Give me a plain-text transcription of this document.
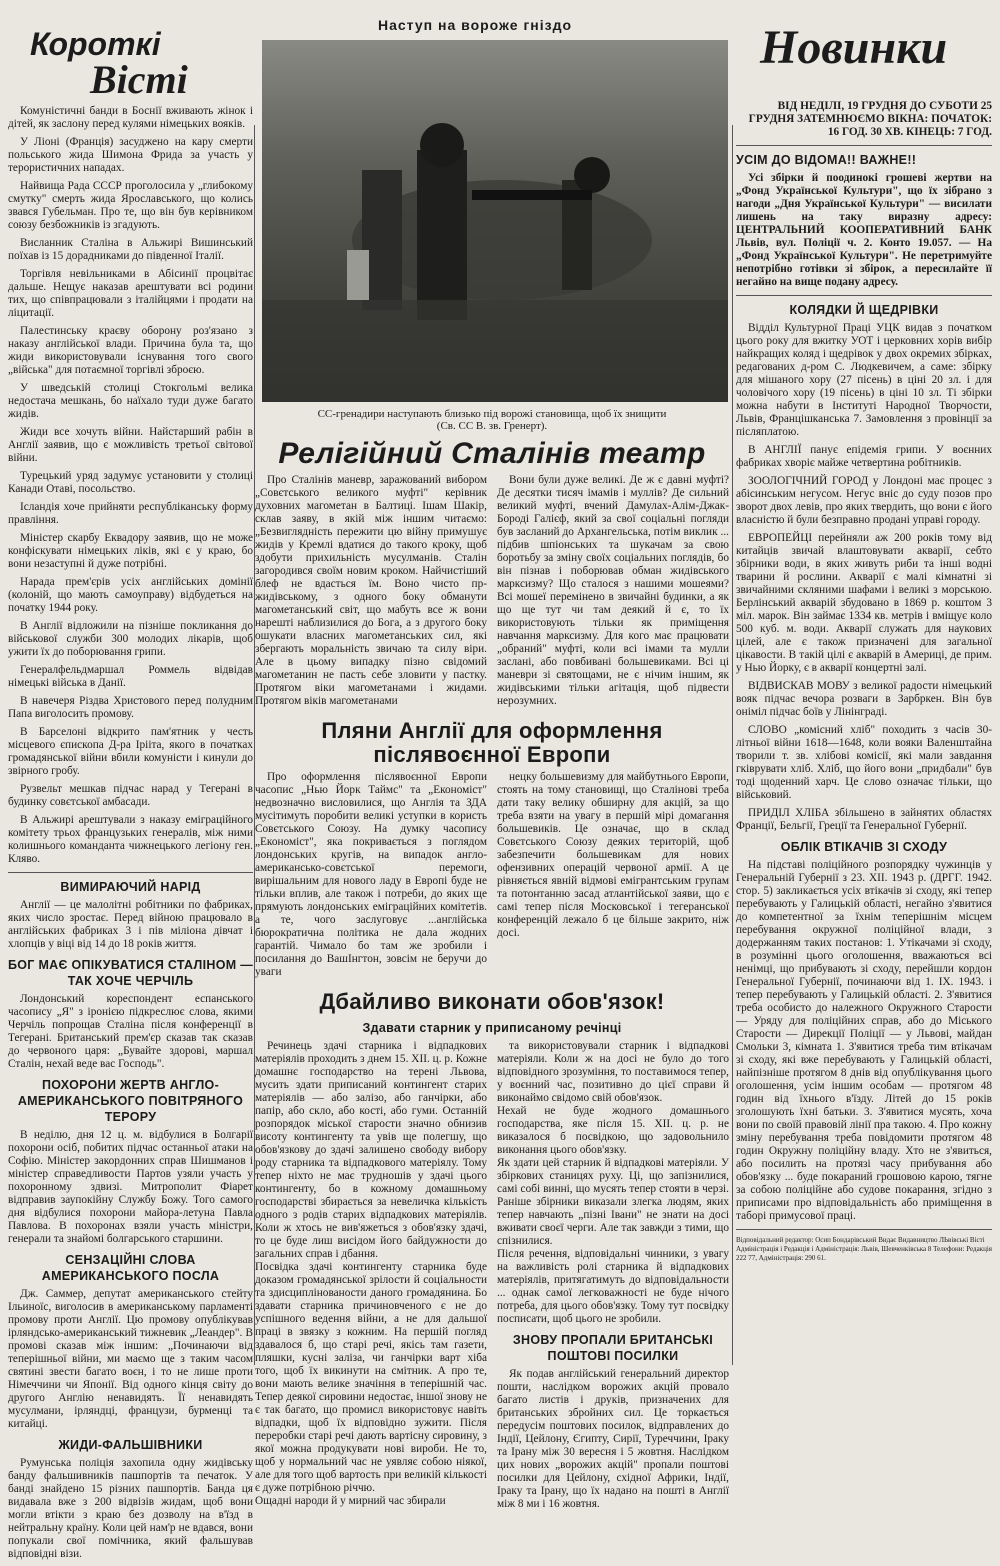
Короткі
Вісті
Наступ на вороже гніздо	Новинки
СС-гренадири наступають близько під ворожі становища, щоб їх знищити
(Св. СС В. зв. Гренерт).

Комуністичні банди в Боснії вживають жінок і дітей, як заслону перед кулями німецьких вояків.

У Ліоні (Франція) засуджено на кару смерти польського жида Шимона Фрида за участь у терористичних нападах.

Найвища Рада СССР проголосила у „глибокому смутку" смерть жида Ярославського, що колись звався Губельман. Про те, що він був керівником союзу безбожників із згадують.

Висланник Сталіна в Альжирі Вишинський поїхав із 15 дорадниками до південної Італії.

Торгівля невільниками в Абісинії процвітає дальше. Нещує наказав арештувати всі родини тих, що співпрацювали з італійцями і продати на ліцитації.

Палестинську краєву оборону роз'язано з наказу англійської влади. Причина була та, що жиди використовували існування того свого „війська" для потаємної торгівлі зброєю.

У шведській столиці Стокгольмі велика недостача мешкань, бо наїхало туди дуже багато жидів.

Жиди все хочуть війни. Найстарший рабін в Англії заявив, що є можливість третьої світової війни.

Турецький уряд задумує установити у столиці Канади Отаві, посольство.

Ісландія хоче прийняти республіканську форму правління.

Міністер скарбу Еквадору заявив, що не може конфіскувати німецьких ліків, які є у краю, бо вони незаступні й дуже потрібні.

Нарада прем'єрів усіх англійських домінії (колоній, що мають самоуправу) відбудеться на початку 1944 року.

В Англії відложили на пізніше покликання до військової служби 300 молодих лікарів, щоб ужити їх до поборювання грипи.

Генералфельдмаршал Роммель відвідав німецькі війська в Данії.

В навечеря Різдва Христового перед полудним Папа виголосить промову.

В Барселоні відкрито пам'ятник у честь місцевого єпископа Д-ра Ірііта, якого в початках громадянської війни вбили комуністи і кинули до звірного гробу.

Рузвельт мешкав підчас нарад у Тегерані в будинку совєтської амбасади.

В Альжирі арештували з наказу еміграційного комітету трьох французьких генералів, між ними колишнього команданта чижнецького легіону ген. Кляво.

ВИМИРАЮЧИЙ НАРІД

Англії — це малолітні робітники по фабриках, яких число зростає. Перед війною працювало в англійських фабриках 3 і пів міліона дівчат і хлопців у віці від 14 до 18 років життя.

БОГ МАЄ ОПІКУВАТИСЯ СТАЛІНОМ — ТАК ХОЧЕ ЧЕРЧІЛЬ

Лондонський кореспондент еспанського часопису „Я" з іронією підкреслює слова, якими Черчіль попрощав Сталіна після конференції в Тегерані. Британський прем'єр сказав так сказав до червоного царя: „Бувайте здорові, маршал Сталін, нехай веде вас Господь".

ПОХОРОНИ ЖЕРТВ АНГЛО-АМЕРИКАНСЬКОГО ПОВІТРЯНОГО ТЕРОРУ

В неділю, дня 12 ц. м. відбулися в Болгарії похорони осіб, побитих підчас останньої атаки на Софію. Міністер закордонних справ Шишманов і міністер справедливости Партов узяли участь у похоронному здвизі. Митрополит Фіарет відправив заупокійну Службу Божу. Того самого дня відбулися похорони майора-летуна Павла Павлова. В похоронах взяли участь міністри, генерали та знайомі болгарського старшини.

СЕНЗАЦІЙНІ СЛОВА АМЕРИКАНСЬКОГО ПОСЛА

Дж. Саммер, депутат американського стейту Ільиноїс, виголосив в американському парламенті промову проти Англії. Цю промову опублікував ірляндсько-американський тижневик „Леандер". В промові сказав між іншим: „Починаючи від теперішньої війни, ми маємо ще з таким часом святині звести багато воєн, і то не лише проти Німеччини чи Японії. Від одного кінця світу до другого Англію ненавидять. Її ненавидять мусулмани, ірляндці, французи, бурменці та китайці.

ЖИДИ-ФАЛЬШІВНИКИ

Румунська поліція захопила одну жидівську банду фальшивників пашпортів та печаток. У банді знайдено 15 різних пашпортів. Банда ця видавала вже з 200 відвізів жидам, щоб вони могли втікти з краю без дозволу на в'їзд в нейтральну країну. Коли цей нам'р не вдався, вони попукали свої помічника, який фальшував відповідні візи.

Релігійний Сталінів театр

Про Сталінів маневр, заражований вибором „Совєтського великого муфті" керівник духовних магометан в Балтиці. Ішам Шакір, склав заяву, в якій між іншим читаємо: „Безвиглядність пережити цю війну примушує жидів у Кремлі вдатися до такого кроку, щоб здобути прихильність мусулманів. Сталін загородився своїм новим кроком. Найчистіший блеф не вдасться їм. Воно чисто пр-жидівському, з одного боку обманути магометанський світ, що мабуть все ж вони нарешті наблизилися до Бога, а з другого боку ошукати власних магометанських сил, які збергають моральність звичаю та силу віри. Але в цьому випадку пізно свідомий магометанин не пасть себе зловити у пастку. Протягом віки магометанами і жидами. Протягом віків магометанами

Вони були дуже великі. Де ж є давні муфті? Де десятки тисяч імамів і муллів? Де сильний великий муфті, вчений Дамулах-Алім-Джак-Бороді Галієф, який за свої соціальні погляди був засланий до Архангельська, потім виклик ... підбив шпіонських та шукачам за свою боротьбу за зміну своїх соціальних поглядів, бо він пізнав і поборював обман жидівського марксизму? Що сталося з нашими мошеями? Всі мошеї перемінено в звичайні будинки, а як що ще тут чи там деякий й є, то їх використовують тільки як приміщення навчання марксизму. Для кого має працювати „обраний" муфті, коли всі імами та мулли заслані, або повбивані большевиками. Всі ці маневри зі святощами, не є нічим іншим, як жидівськими тільки агітація, щоб підвести нерозумних.

Пляни Англії для оформлення післявоєнної Европи

Про оформлення післявоєнної Европи часопис „Нью Йорк Таймс" та „Економіст" недвозначно висловилися, що Англія та ЗДА мусітимуть поробити великі уступки в користь Совєтського Союзу. На думку часопису „Економіст", яка покривається з поглядом лондонських кругів, на випадок англо-американсько-совєтської перемоги, вирішальним для нового ладу в Европі буде не тільки вплив, але також і потреби, до яких ще прямують лондонських еміграційних комітетів. а те, чого заслуговує ...англійська бюрократична політика не дала жодних гарантій. Чимало бо там же зробили і посилання до ВашІнгтон, зовсім не беручи до уваги

нецку большевизму для майбутнього Европи, стоять на тому становищі, що Сталінові треба дати таку велику обширну для акцій, за що треба взяти на увагу в першій мірі домагання большевиків. Це означає, що в склад Совєтського Союзу деяких територій, щоб забезпечити большевикам для нових офензивних операцій червоної армії. А це рівняється явній відмові емігрантським групам та потонтанню засад атлантійської заяви, що є самі тепер після Московської і тегеранської конференцій лежало б це більше закрито, ніж досі.

Дбайливо виконати обов'язок!
Здавати старник у приписаному речінці

Речинець здачі старника і відпадкових матеріялів проходить з днем 15. XII. ц. р. Кожне домашнє господарство на терені Львова, мусить здати приписаний контингент старих матеріялів — або залізо, або ганчірки, або папір, або скло, або кості, або гуми. Останній розпорядок міської старости значно обнизив висоту контингенту та увів ще полегшу, що обов'язкову до здачі залишено свободу вибору роду старника та відпадкового матеріялу. Тому тепер ніхто не має трудношів у здачі цього контингенту, бо в кожному домашньому господарстві збирається за невеличка кількість одного з родів старих відпадкових матеріялів. Коли ж хтось не вив'яжеться з обов'язку здачі, то це буде лиш висідом його байдужности до загальних справ і дбання.
Посвідка здачі контингенту старника буде доказом громадянської зрілости й соціальности та здисциплінованости даного громадянина. Бо здавати старника причиновченого є не до успішного ведення війни, а не для дальшої праці в звязку з кожним. На першій погляд здавалося б, що старі речі, якісь там газети, пляшки, кусні заліза, чи ганчірки варт хіба того, щоб їх викинути на смітник. А про те, вони мають велике значіння в теперішній час. Тепер деякої сировини недостає, іншої знову не є так багато, що промисл використовує навіть відпадки, щоб їх відповідно зужити. Після переробки старі речі дають вартісну сировину, з якої можна продукувати нові вироби. Не то, щоб у нормальний час не уявляє собою ніякої, але для того щоб вартость при великій кількості є дуже потрібною річчю.
Ощадні народи й у мирний час збирали

та використовували старник і відпадкові матеріяли. Коли ж на досі не було до того відповідного зрозуміння, то поставимося тепер, у воєнний час, позитивно до цієї справи й виконаймо свідомо свій обов'язок.
Нехай не буде жодного домашнього господарства, яке після 15. XII. ц. р. не виказалося б посвідкою, що задовольнило виконання цього обов'язку.
Як здати цей старник й відпадкові матеріяли. У збіркових станицях руху. Ці, що запізнилися, самі собі винні, що мусять тепер стояти в черзі. Раніше збірники виказали злегка людям, яких тепер навчають „пізні Івани" не знати на досі вживати своєї черги. Але так завжди з тими, що спізнилися.
Після речення, відповідальні чинники, з увагу на важливість ролі старника й відпадкових матеріялів, притягатимуть до відповідальности ... однак самої легковажності не буде нічого потреба, для цього обов'язку. Тому тут посвідку посписати, щоб цього не зробили.

ЗНОВУ ПРОПАЛИ БРИТАНСЬКІ ПОШТОВІ ПОСИЛКИ

Як подав англійський генеральний директор пошти, наслідком ворожих акцій провало багато листів і друків, призначених для британських збройних сил. Це торкається передусім поштових посилок, відправлених до Індії, Цейлону, Єгипту, Сирії, Туреччини, Іраку та Ірану між 30 вересня і 5 жовтня. Наслідком цих нових „ворожих акцій" пропали поштові посилки для Цейлону, східної Африки, Індії, Іраку та Ірану, що їх надано на пошті в Англії між 8 ми і 16 жовтня.

ВІД НЕДІЛІ, 19 ГРУДНЯ ДО СУБОТИ 25 ГРУДНЯ ЗАТЕМНЮЄМО ВІКНА: ПОЧАТОК: 16 ГОД. 30 ХВ. КІНЕЦЬ: 7 ГОД.

УСІМ ДО ВІДОМА!! ВАЖНЕ!!

Усі збірки й поодинокі грошеві жертви на „Фонд Української Культури", що їх зібрано з нагоди „Дня Української Культури" — висилати лишень на таку виразну адресу: ЦЕНТРАЛЬНИЙ КООПЕРАТИВНИЙ БАНК Львів, вул. Поліції ч. 2. Конто 19.057. — На „Фонд Української Культури". Не перетримуйте непотрібно готівки зі збірок, а пересилайте її негайно на вище подану адресу.

КОЛЯДКИ Й ЩЕДРІВКИ

Відділ Культурної Праці УЦК видав з початком цього року для вжитку УОТ і церковних хорів вибір найкращих коляд і щедрівок у двох окремих збірках, редагованих д-ром С. Людкевичем, а саме: збірку для мішаного хору (27 пісень) в ціні 20 зл. і для чоловічого хору (19 пісень) в ціні 10 зл. Ті збірки можна набути в Інституті Народної Творчости, Львів, Францішканська 7. Замовлення з провінції за післяплатою.

В АНГЛІЇ панує епідемія грипи. У воєнних фабриках хворіє майже четвертина робітників.

ЗООЛОГІЧНИЙ ГОРОД у Лондоні має процес з абісинським негусом. Негус вніс до суду позов про зворот двох левів, про яких твердить, що вони є його власністю й були безправно продані управі городу.

ЕВРОПЕЙЦІ перейняли аж 200 років тому від китайців звичай влаштовувати акварії, себто збірники води, в яких живуть риби та інші водні тварини й рослини. Акварії є малі кімнатні зі звичайними скляними шафами і великі з морською. Берлінський акварій збудовано в 1869 р. коштом 3 міл. марок. Він займає 1334 кв. метрів і вміщує коло 500 куб. м. води. Акварії служать для наукових цілей, але є також призначені для загальної цікавости. В такій цілі є акварій в Америці, де прим. у Нью Йорку, є в акварії концертні залі.

ВІДВИСКАВ МОВУ з великої радости німецький вояк підчас вечора розваги в Зарбркен. Він був оніміл підчас боїв у Лінінграді.

СЛОВО „комісний хліб" походить з часів 30-літньої війни 1618—1648, коли вояки Валенштайна творили т. зв. хлібові комісії, які мали завдання гківрувати хліб. Хліб, що його вони „придбали" був тоді щоденний харч. Це слово означає тільки, що військовий.

ПРИДІЛ ХЛІБА збільшено в зайнятих областях Франції, Бельгії, Греції та Генеральної Губернії.

ОБЛІК ВТІКАЧІВ ЗІ СХОДУ

На підставі поліційного розпорядку чужинців у Генеральній Губернії з 23. XII. 1943 р. (ДРГГ. 1942. стор. 5) закликається усіх втікачів зі сходу, які тепер перебувають у Галицькій області, негайно з'явитися до компетентної за їхнім теперішнім місцем перебування окружної поліційної влади, з додержанням таких постанов: 1. Утікачами зі сходу, в розумінні цього оголошення, вважаються всі ненімці, що прибувають зі сходу, перейшли кордон Генеральної Губернії, починаючи від 1. IX. 1943. і тепер перебувають у Галицькій області. 2. З'явитися треба особисто до належного Окружного Старости — Уряду для поліційних справ, або до Міського Старости — Дирекції Поліції — у Львові, майдан Смольки 3, кімната 1. З'явитися треба тим втікачам зі сходу, які вже перебувають у Галицькій області, найпізніше протягом 8 днів від опублікування цього оголошення, усім іншим особам — протягом 48 годин від їхнього в'їзду. Літей до 15 років зголошують їхні батьки. 3. З'явитися мусять, хоча вони по своїй правовій лінії пра такою. 4. Про кожну зміну перебування треба повідомити протягом 48 годин Окружну поліційну владу. Хто не з'явиться, або посилить на протязі часу прибування або обов'язку ... буде покараний грошовою карою, тягне за собою поліційне або судове покарання, згідно з приписами про відповідальність або приміщення в таборі примусової праці.

Відповідальний редактор: Осип Бондарівський Видає Видавництво ЛЬвівські Вісті Адміністрація і Редакція і Адміністрація: Львів, Шевченківська 8 Телефони: Редакція 222 77, Адміністрація: 290 61.
